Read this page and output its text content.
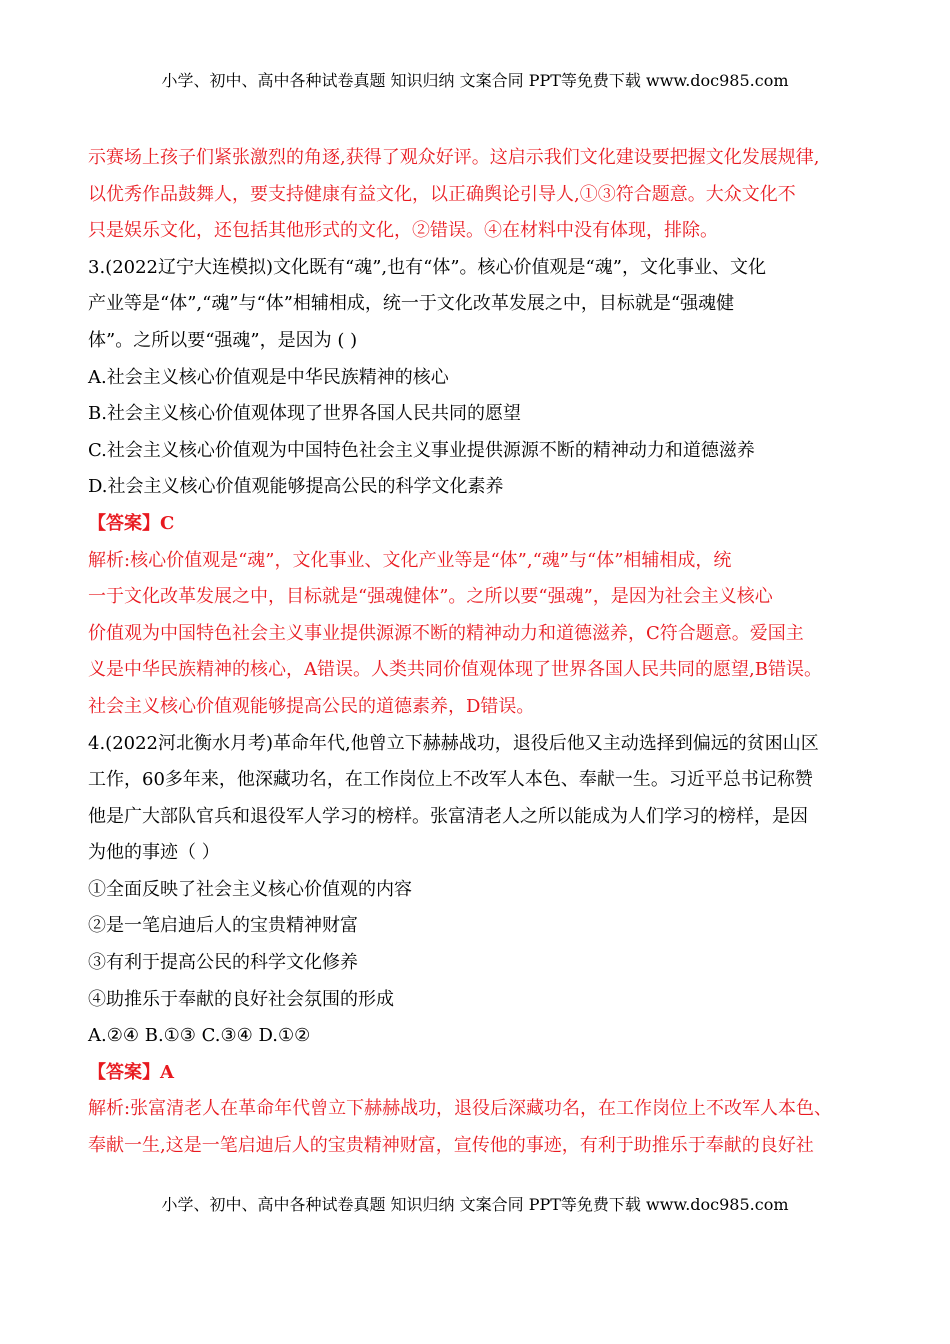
小学、初中、高中各种试卷真题 知识归纳 文案合同 PPT等免费下载 www.doc985.com
示赛场上孩子们紧张激烈的角逐,获得了观众好评。这启示我们文化建设要把握文化发展规律,
以优秀作品鼓舞人，要支持健康有益文化，以正确舆论引导人,①③符合题意。大众文化不
只是娱乐文化，还包括其他形式的文化，②错误。④在材料中没有体现，排除。
3.(2022辽宁大连模拟)文化既有“魂”,也有“体”。核心价值观是“魂”，文化事业、文化
产业等是“体”,“魂”与“体”相辅相成，统一于文化改革发展之中，目标就是“强魂健
体”。之所以要“强魂”，是因为 ( )
A.社会主义核心价值观是中华民族精神的核心
B.社会主义核心价值观体现了世界各国人民共同的愿望
C.社会主义核心价值观为中国特色社会主义事业提供源源不断的精神动力和道德滋养
D.社会主义核心价值观能够提高公民的科学文化素养
【答案】C
解析:核心价值观是“魂”，文化事业、文化产业等是“体”,“魂”与“体”相辅相成，统
一于文化改革发展之中，目标就是“强魂健体”。之所以要“强魂”，是因为社会主义核心
价值观为中国特色社会主义事业提供源源不断的精神动力和道德滋养，C符合题意。爱国主
义是中华民族精神的核心，A错误。人类共同价值观体现了世界各国人民共同的愿望,B错误。
社会主义核心价值观能够提高公民的道德素养，D错误。
4.(2022河北衡水月考)革命年代,他曾立下赫赫战功，退役后他又主动选择到偏远的贫困山区
工作，60多年来，他深藏功名，在工作岗位上不改军人本色、奉献一生。习近平总书记称赞
他是广大部队官兵和退役军人学习的榜样。张富清老人之所以能成为人们学习的榜样，是因
为他的事迹（ ）
①全面反映了社会主义核心价值观的内容
②是一笔启迪后人的宝贵精神财富
③有利于提高公民的科学文化修养
④助推乐于奉献的良好社会氛围的形成
A.②④ B.①③ C.③④ D.①②
【答案】A
解析:张富清老人在革命年代曾立下赫赫战功，退役后深藏功名，在工作岗位上不改军人本色、
奉献一生,这是一笔启迪后人的宝贵精神财富，宣传他的事迹，有利于助推乐于奉献的良好社
小学、初中、高中各种试卷真题 知识归纳 文案合同 PPT等免费下载 www.doc985.com
